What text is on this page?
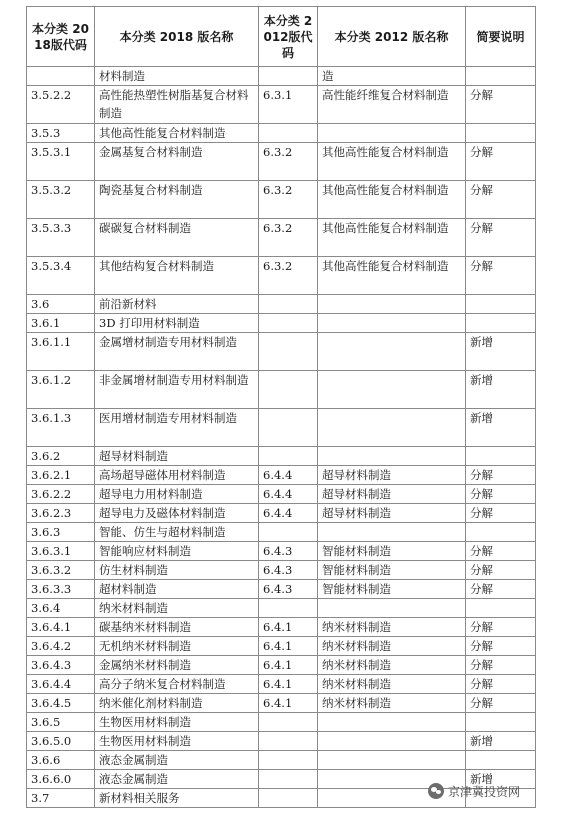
本分类 2018版代码	本分类 2018 版名称	本分类 2012版代码	本分类 2012 版名称	简要说明
	材料制造		造	
3.5.2.2	高性能热塑性树脂基复合材料制造	6.3.1	高性能纤维复合材料制造	分解
3.5.3	其他高性能复合材料制造			
3.5.3.1	金属基复合材料制造	6.3.2	其他高性能复合材料制造	分解
3.5.3.2	陶瓷基复合材料制造	6.3.2	其他高性能复合材料制造	分解
3.5.3.3	碳碳复合材料制造	6.3.2	其他高性能复合材料制造	分解
3.5.3.4	其他结构复合材料制造	6.3.2	其他高性能复合材料制造	分解
3.6	前沿新材料			
3.6.1	3D 打印用材料制造			
3.6.1.1	金属增材制造专用材料制造			新增
3.6.1.2	非金属增材制造专用材料制造			新增
3.6.1.3	医用增材制造专用材料制造			新增
3.6.2	超导材料制造			
3.6.2.1	高场超导磁体用材料制造	6.4.4	超导材料制造	分解
3.6.2.2	超导电力用材料制造	6.4.4	超导材料制造	分解
3.6.2.3	超导电力及磁体材料制造	6.4.4	超导材料制造	分解
3.6.3	智能、仿生与超材料制造			
3.6.3.1	智能响应材料制造	6.4.3	智能材料制造	分解
3.6.3.2	仿生材料制造	6.4.3	智能材料制造	分解
3.6.3.3	超材料制造	6.4.3	智能材料制造	分解
3.6.4	纳米材料制造			
3.6.4.1	碳基纳米材料制造	6.4.1	纳米材料制造	分解
3.6.4.2	无机纳米材料制造	6.4.1	纳米材料制造	分解
3.6.4.3	金属纳米材料制造	6.4.1	纳米材料制造	分解
3.6.4.4	高分子纳米复合材料制造	6.4.1	纳米材料制造	分解
3.6.4.5	纳米催化剂材料制造	6.4.1	纳米材料制造	分解
3.6.5	生物医用材料制造			
3.6.5.0	生物医用材料制造			新增
3.6.6	液态金属制造			
3.6.6.0	液态金属制造			新增
3.7	新材料相关服务				京津冀投资网
